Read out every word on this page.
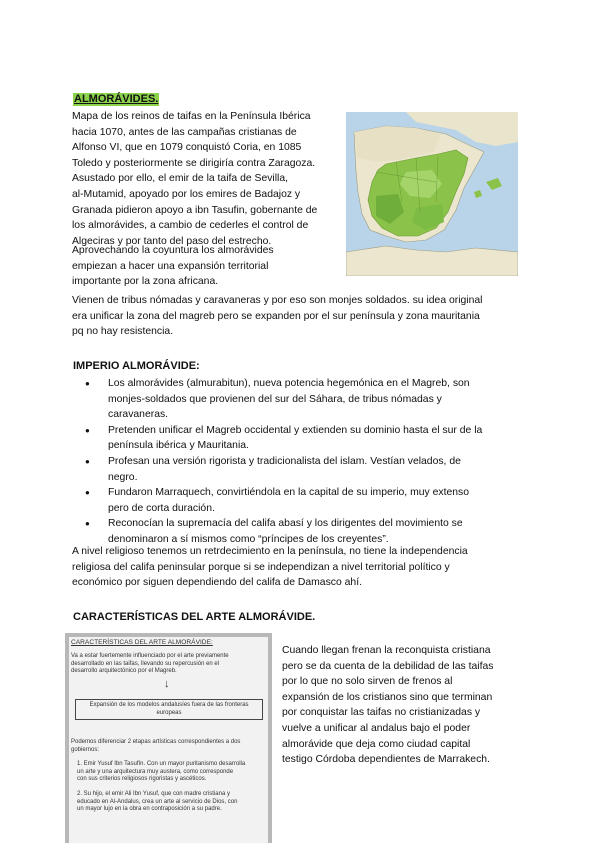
ALMORÁVIDES.
Mapa de los reinos de taifas en la Península Ibérica
hacia 1070, antes de las campañas cristianas de
Alfonso VI, que en 1079 conquistó Coria, en 1085
Toledo y posteriormente se dirigiría contra Zaragoza.
Asustado por ello, el emir de la taifa de Sevilla,
al-Mutamid, apoyado por los emires de Badajoz y
Granada pidieron apoyo a ibn Tasufin, gobernante de
los almorávides, a cambio de cederles el control de
Algeciras y por tanto del paso del estrecho.
Aprovechando la coyuntura los almorávides
empiezan a hacer una expansión territorial
importante por la zona africana.
Vienen de tribus nómadas y caravaneras y por eso son monjes soldados. su idea original
era unificar la zona del magreb pero se expanden por el sur península y zona mauritania
pq no hay resistencia.
IMPERIO ALMORÁVIDE:
● Los almorávides (almurabitun), nueva potencia hegemónica en el Magreb, son
monjes-soldados que provienen del sur del Sáhara, de tribus nómadas y
caravaneras.
● Pretenden unificar el Magreb occidental y extienden su dominio hasta el sur de la
península ibérica y Mauritania.
● Profesan una versión rigorista y tradicionalista del islam. Vestían velados, de
negro.
● Fundaron Marraquech, convirtiéndola en la capital de su imperio, muy extenso
pero de corta duración.
● Reconocían la supremacía del califa abasí y los dirigentes del movimiento se
denominaron a sí mismos como “príncipes de los creyentes”.
A nivel religioso tenemos un retrdecimiento en la península, no tiene la independencia
religiosa del califa peninsular porque si se independizan a nivel territorial político y
económico por siguen dependiendo del califa de Damasco ahí.
CARACTERÍSTICAS DEL ARTE ALMORÁVIDE.
CARACTERÍSTICAS DEL ARTE ALMORÁVIDE:
Va a estar fuertemente influenciado por el arte previamente
desarrollado en las taifas, llevando su repercusión en el
desarrollo arquitectónico por el Magreb.
↓
Expansión de los modelos andalusíes fuera de las fronteras
europeas
Podemos diferenciar 2 etapas artísticas correspondientes a dos
gobiernos:
1. Emir Yusuf Ibn Tasufín. Con un mayor puritanismo desarrolla
un arte y una arquitectura muy austera, como corresponde
con sus criterios religiosos rigoristas y ascéticos.
2. Su hijo, el emir Ali Ibn Yusuf, que con madre cristiana y
educado en Al-Andalus, crea un arte al servicio de Dios, con
un mayor lujo en la obra en contraposición a su padre.
Cuando llegan frenan la reconquista cristiana
pero se da cuenta de la debilidad de las taifas
por lo que no solo sirven de frenos al
expansión de los cristianos sino que terminan
por conquistar las taifas no cristianizadas y
vuelve a unificar al andalus bajo el poder
almorávide que deja como ciudad capital
testigo Córdoba dependientes de Marrakech.
